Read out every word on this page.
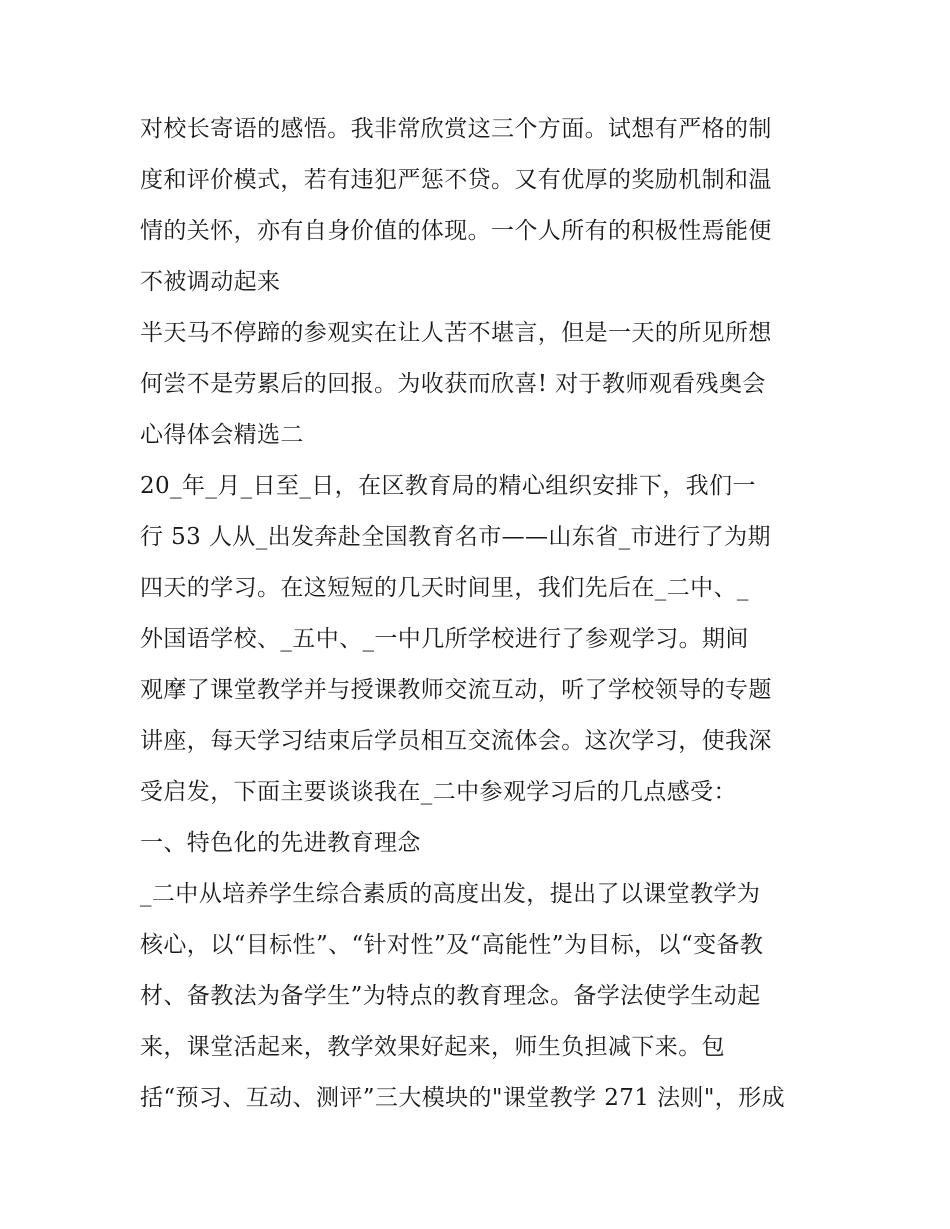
对校长寄语的感悟。我非常欣赏这三个方面。试想有严格的制
度和评价模式，若有违犯严惩不贷。又有优厚的奖励机制和温
情的关怀，亦有自身价值的体现。一个人所有的积极性焉能便
不被调动起来
半天马不停蹄的参观实在让人苦不堪言，但是一天的所见所想
何尝不是劳累后的回报。为收获而欣喜! 对于教师观看残奥会
心得体会精选二
20_年_月_日至_日，在区教育局的精心组织安排下，我们一
行 53 人从_出发奔赴全国教育名市——山东省_市进行了为期
四天的学习。在这短短的几天时间里，我们先后在_二中、_
外国语学校、_五中、_一中几所学校进行了参观学习。期间
观摩了课堂教学并与授课教师交流互动，听了学校领导的专题
讲座，每天学习结束后学员相互交流体会。这次学习，使我深
受启发，下面主要谈谈我在_二中参观学习后的几点感受：
一、特色化的先进教育理念
_二中从培养学生综合素质的高度出发，提出了以课堂教学为
核心，以“目标性”、“针对性”及“高能性”为目标，以“变备教
材、备教法为备学生”为特点的教育理念。备学法使学生动起
来，课堂活起来，教学效果好起来，师生负担减下来。包
括“预习、互动、测评”三大模块的"课堂教学 271 法则"，形成
